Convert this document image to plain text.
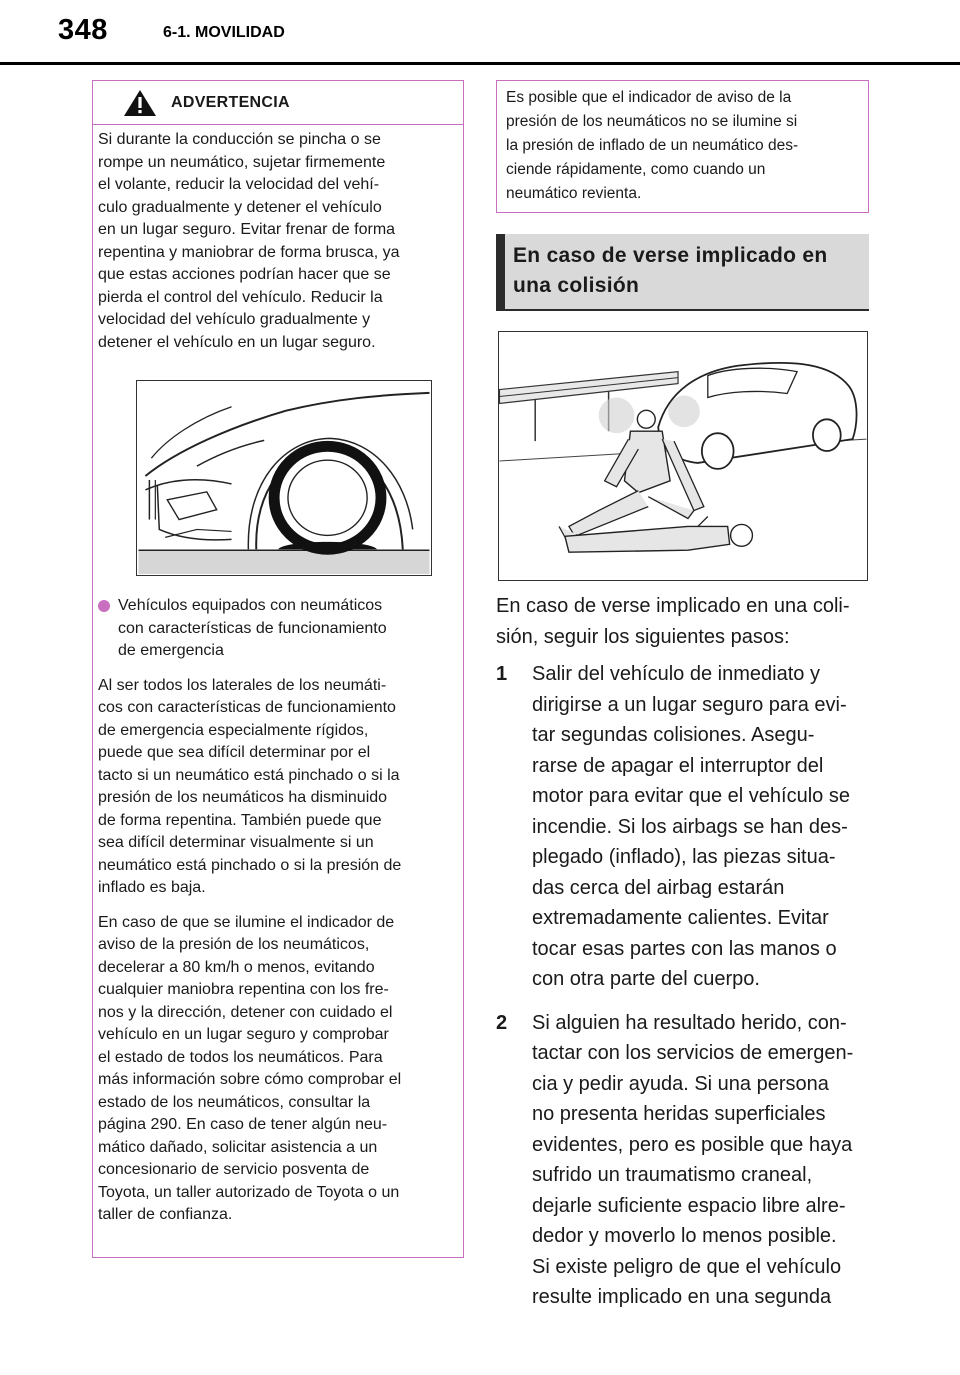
348	6-1. MOVILIDAD
ADVERTENCIA

Si durante la conducción se pincha o se
rompe un neumático, sujetar firmemente
el volante, reducir la velocidad del vehí-
culo gradualmente y detener el vehículo
en un lugar seguro. Evitar frenar de forma
repentina y maniobrar de forma brusca, ya
que estas acciones podrían hacer que se
pierda el control del vehículo. Reducir la
velocidad del vehículo gradualmente y
detener el vehículo en un lugar seguro.

Vehículos equipados con neumáticos
con características de funcionamiento
de emergencia

Al ser todos los laterales de los neumáti-
cos con características de funcionamiento
de emergencia especialmente rígidos,
puede que sea difícil determinar por el
tacto si un neumático está pinchado o si la
presión de los neumáticos ha disminuido
de forma repentina. También puede que
sea difícil determinar visualmente si un
neumático está pinchado o si la presión de
inflado es baja.

En caso de que se ilumine el indicador de
aviso de la presión de los neumáticos,
decelerar a 80 km/h o menos, evitando
cualquier maniobra repentina con los fre-
nos y la dirección, detener con cuidado el
vehículo en un lugar seguro y comprobar
el estado de todos los neumáticos. Para
más información sobre cómo comprobar el
estado de los neumáticos, consultar la
página 290. En caso de tener algún neu-
mático dañado, solicitar asistencia a un
concesionario de servicio posventa de
Toyota, un taller autorizado de Toyota o un
taller de confianza.

Es posible que el indicador de aviso de la
presión de los neumáticos no se ilumine si
la presión de inflado de un neumático des-
ciende rápidamente, como cuando un
neumático revienta.

En caso de verse implicado en
una colisión

En caso de verse implicado en una coli-
sión, seguir los siguientes pasos:

1	Salir del vehículo de inmediato y
dirigirse a un lugar seguro para evi-
tar segundas colisiones. Asegu-
rarse de apagar el interruptor del
motor para evitar que el vehículo se
incendie. Si los airbags se han des-
plegado (inflado), las piezas situa-
das cerca del airbag estarán
extremadamente calientes. Evitar
tocar esas partes con las manos o
con otra parte del cuerpo.

2	Si alguien ha resultado herido, con-
tactar con los servicios de emergen-
cia y pedir ayuda. Si una persona
no presenta heridas superficiales
evidentes, pero es posible que haya
sufrido un traumatismo craneal,
dejarle suficiente espacio libre alre-
dedor y moverlo lo menos posible.
Si existe peligro de que el vehículo
resulte implicado en una segunda
